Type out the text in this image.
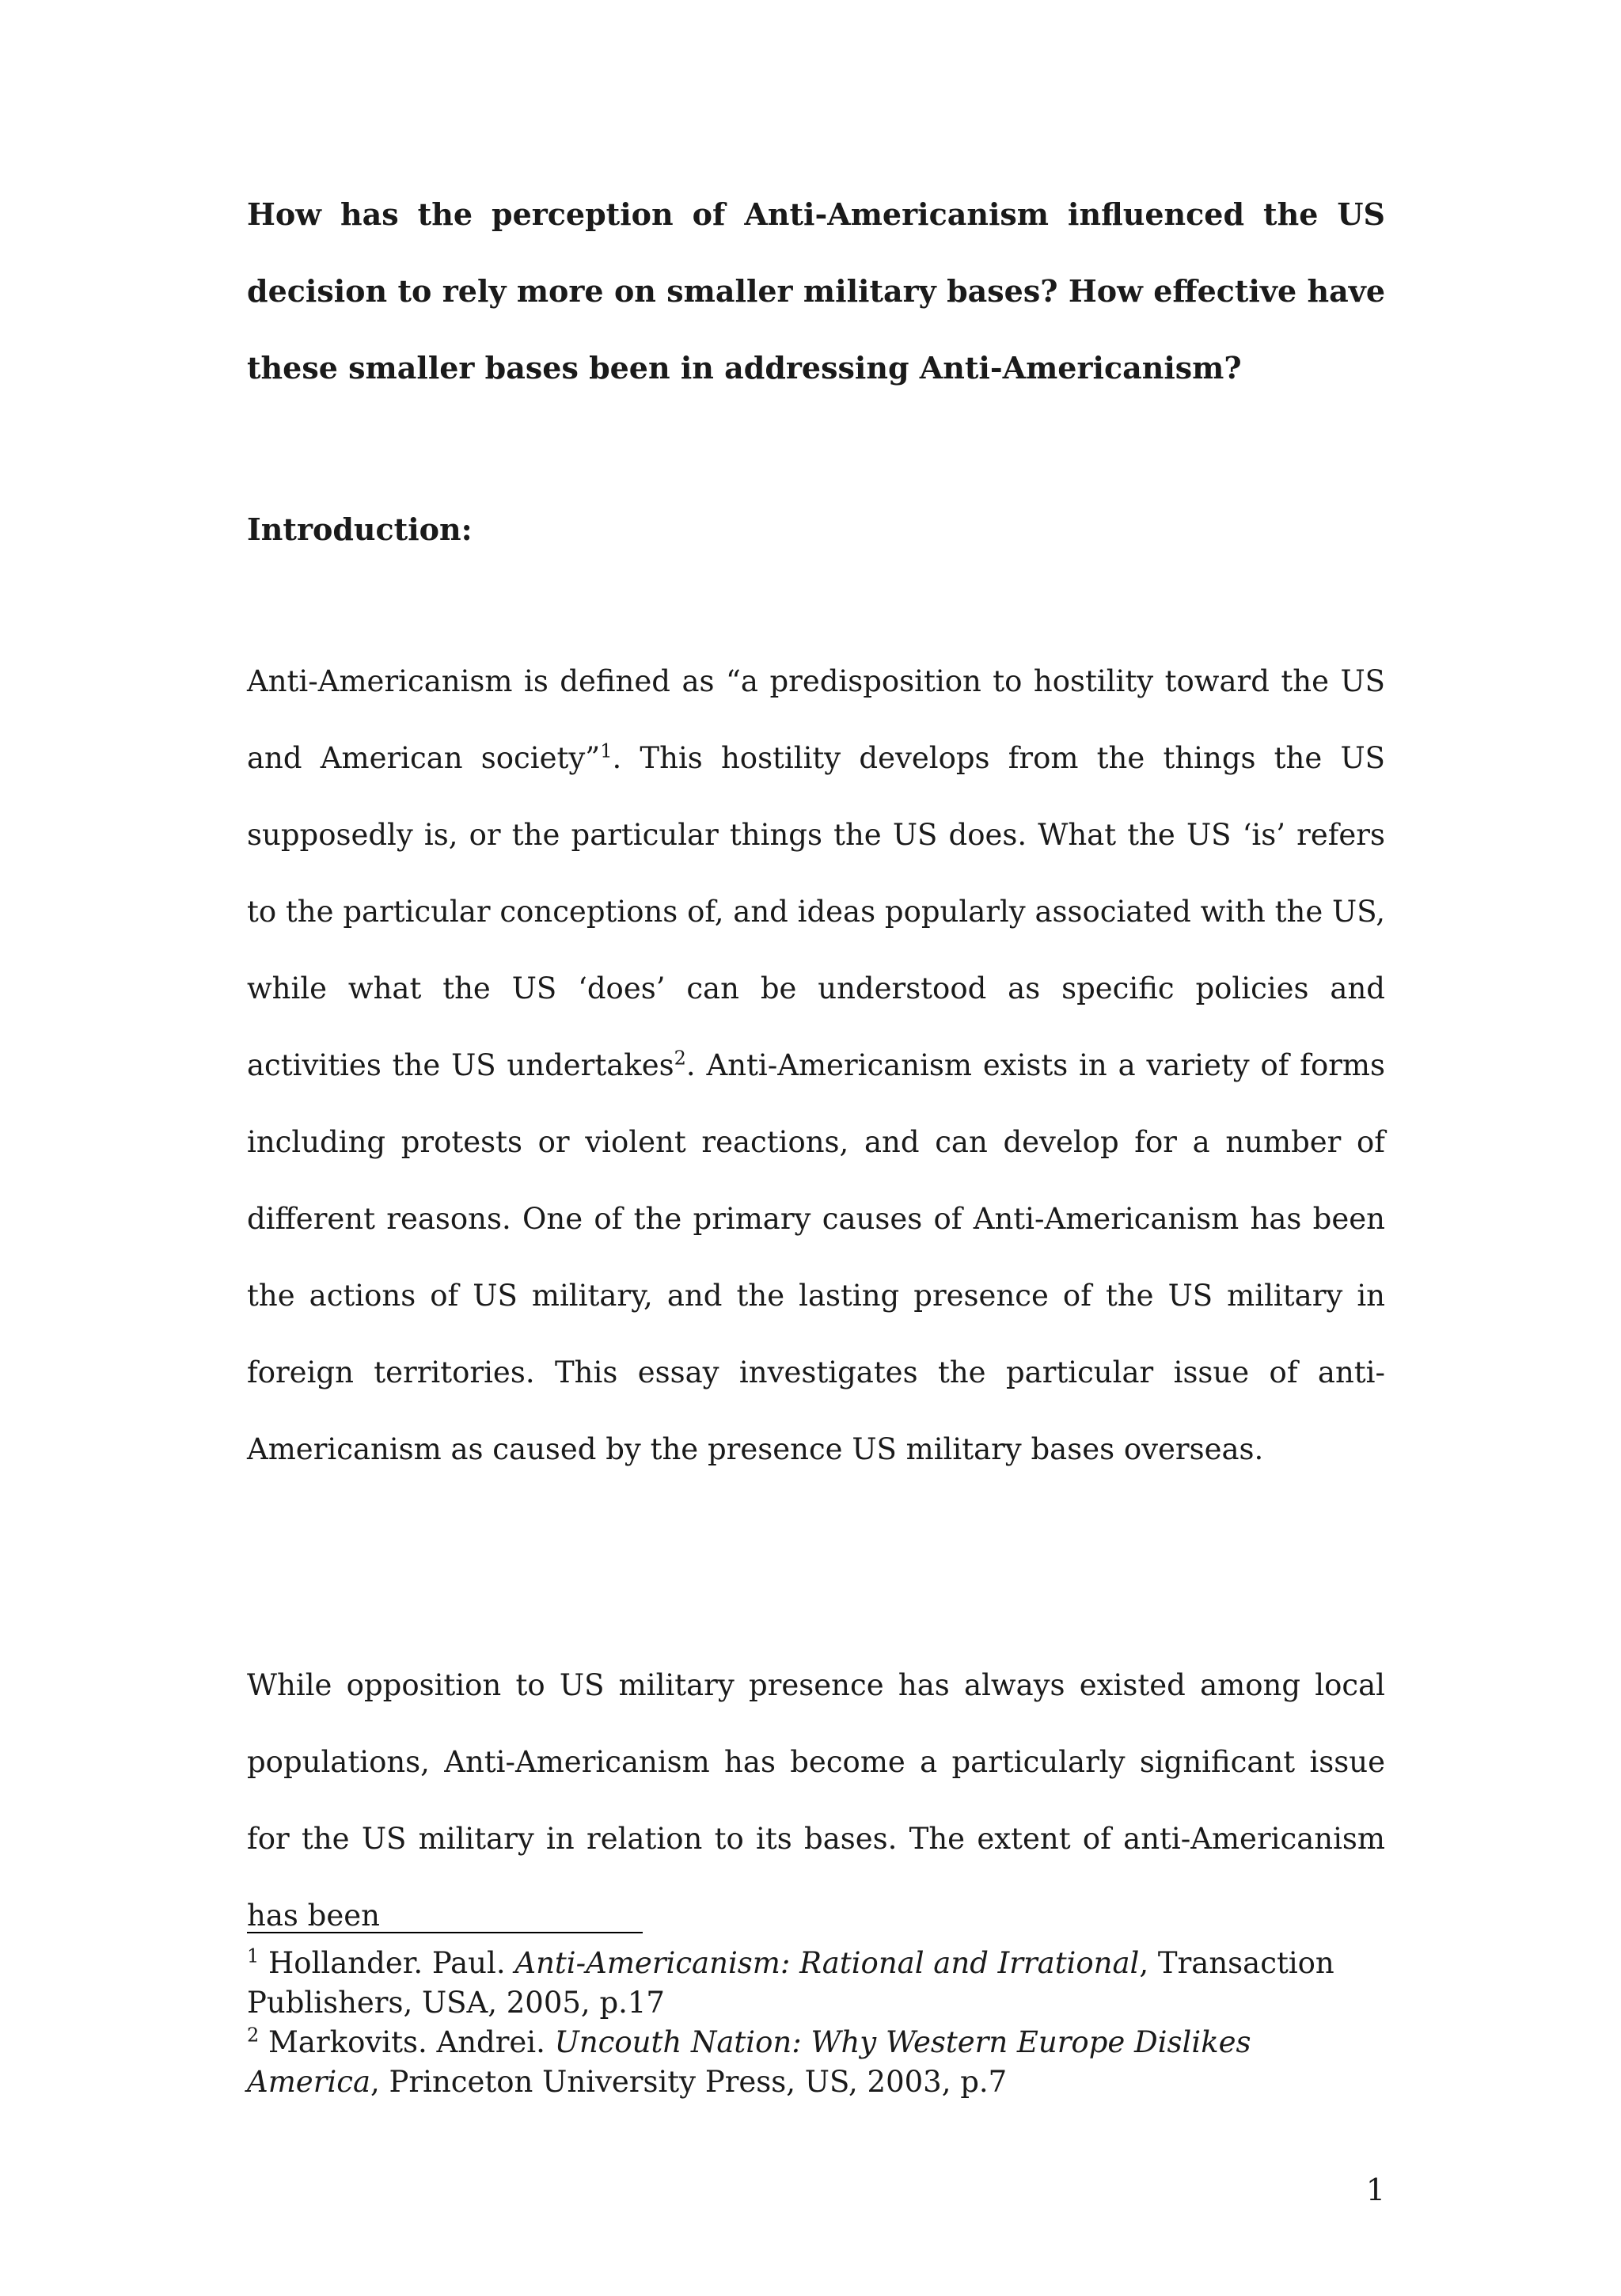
How has the perception of Anti-Americanism influenced the US decision to rely more on smaller military bases? How effective have these smaller bases been in addressing Anti-Americanism?
Introduction:
Anti-Americanism is defined as “a predisposition to hostility toward the US and American society”$^1$. This hostility develops from the things the US supposedly is, or the particular things the US does. What the US ‘is’ refers to the particular conceptions of, and ideas popularly associated with the US, while what the US ‘does’ can be understood as specific policies and activities the US undertakes$^2$. Anti-Americanism exists in a variety of forms including protests or violent reactions, and can develop for a number of different reasons. One of the primary causes of Anti-Americanism has been the actions of US military, and the lasting presence of the US military in foreign territories. This essay investigates the particular issue of anti-Americanism as caused by the presence US military bases overseas.
While opposition to US military presence has always existed among local populations, Anti-Americanism has become a particularly significant issue for the US military in relation to its bases. The extent of anti-Americanism has been
$^1$ Hollander. Paul. Anti-Americanism: Rational and Irrational, Transaction Publishers, USA, 2005, p.17
$^2$ Markovits. Andrei. Uncouth Nation: Why Western Europe Dislikes America, Princeton University Press, US, 2003, p.7
1
